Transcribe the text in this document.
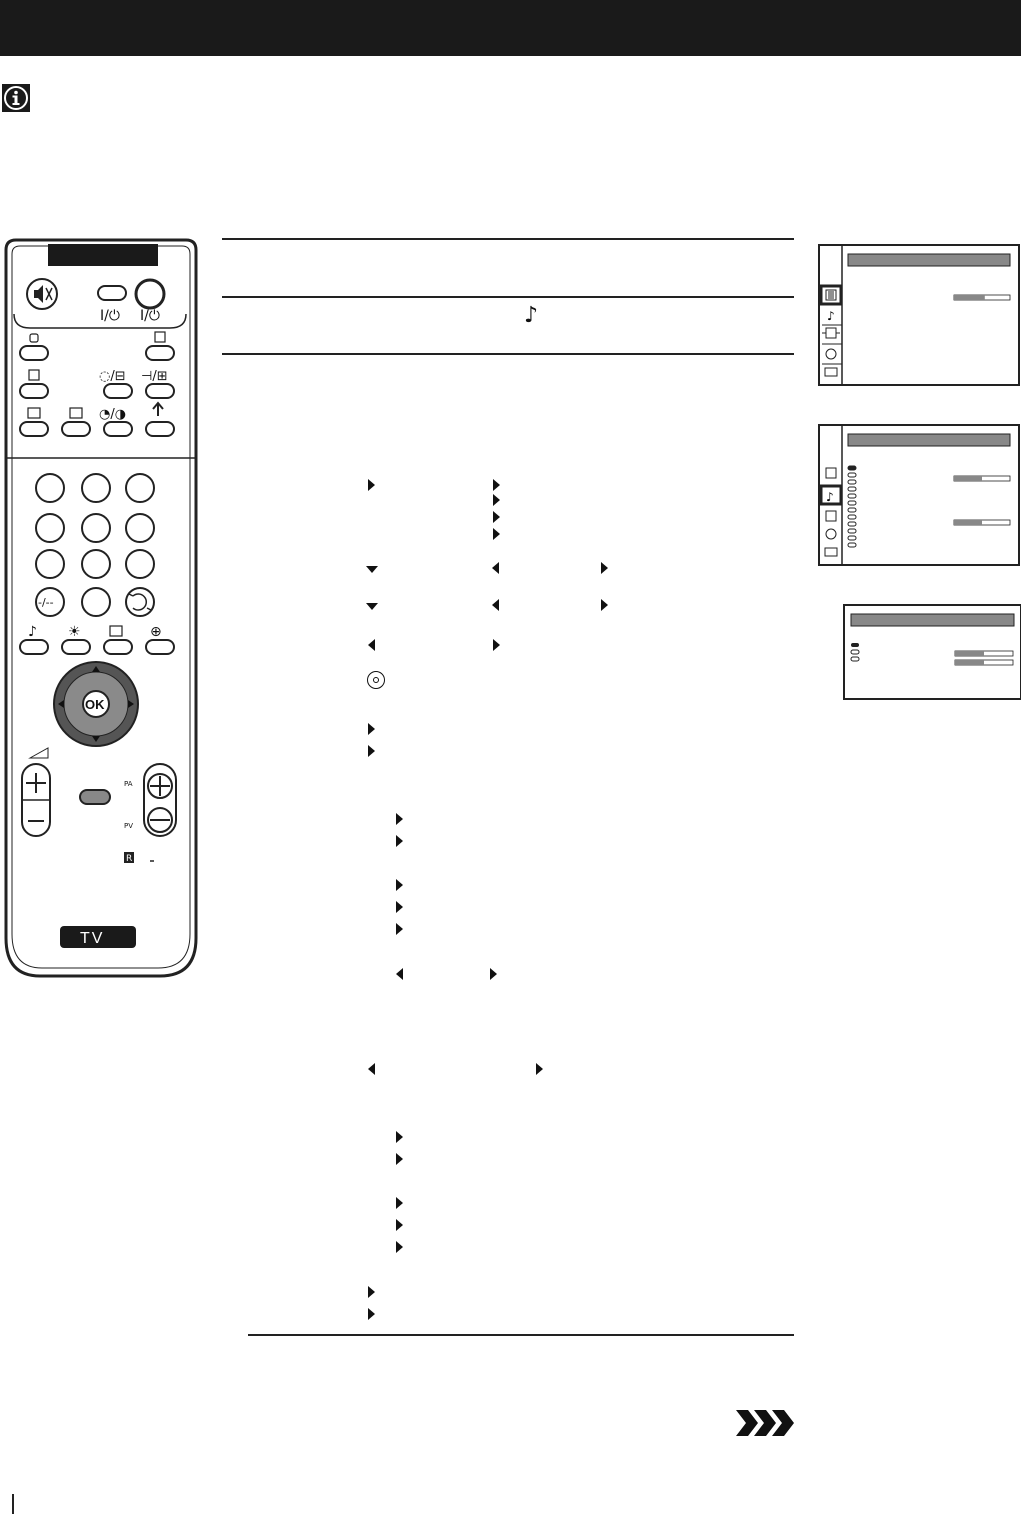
I/⏻ I/⏻
◌/⊟ ⊣/⊞
◔/◑
-/--
♪ ☀	⊕
OK
PA
PV
R
TV
♪	♪
♪
